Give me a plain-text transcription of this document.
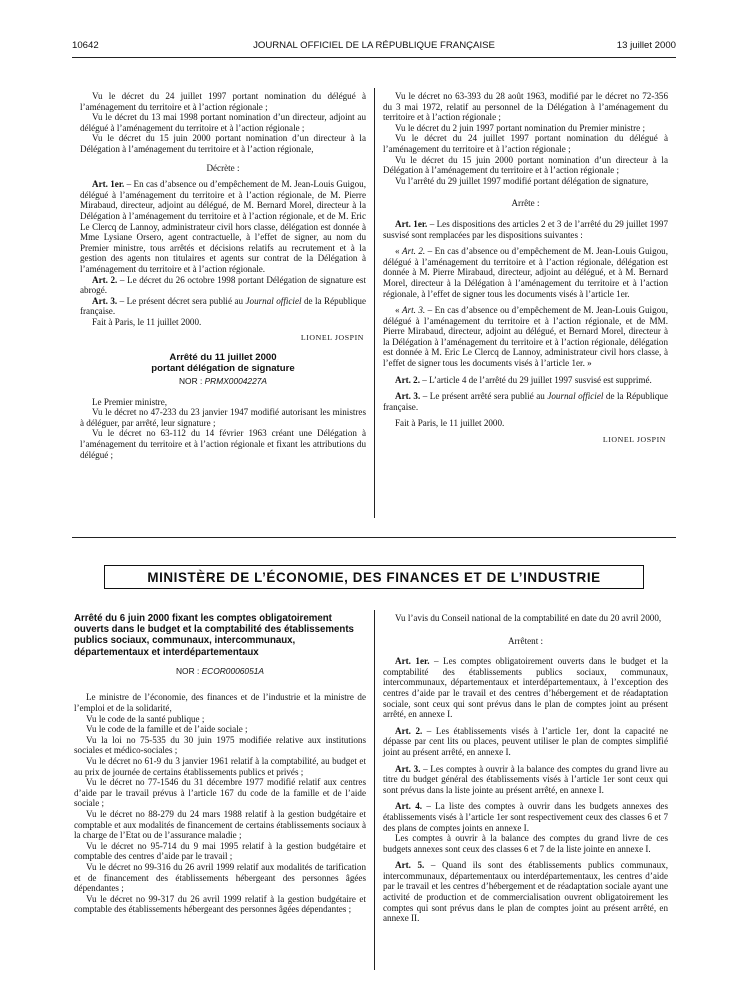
10642	JOURNAL OFFICIEL DE LA RÉPUBLIQUE FRANÇAISE	13 juillet 2000

Vu le décret du 24 juillet 1997 portant nomination du délégué à l’aménagement du territoire et à l’action régionale ;

Vu le décret du 13 mai 1998 portant nomination d’un directeur, adjoint au délégué à l’aménagement du territoire et à l’action régionale ;

Vu le décret du 15 juin 2000 portant nomination d’un directeur à la Délégation à l’aménagement du territoire et à l’action régionale,

Décrète :

Art. 1er. – En cas d’absence ou d’empêchement de M. Jean-Louis Guigou, délégué à l’aménagement du territoire et à l’action régionale, de M. Pierre Mirabaud, directeur, adjoint au délégué, de M. Bernard Morel, directeur à la Délégation à l’aménagement du territoire et à l’action régionale, et de M. Eric Le Clercq de Lannoy, administrateur civil hors classe, délégation est donnée à Mme Lysiane Orsero, agent contractuelle, à l’effet de signer, au nom du Premier ministre, tous arrêtés et décisions relatifs au recrutement et à la gestion des agents non titulaires et agents sur contrat de la Délégation à l’aménagement du territoire et à l’action régionale.

Art. 2. – Le décret du 26 octobre 1998 portant Délégation de signature est abrogé.

Art. 3. – Le présent décret sera publié au Journal officiel de la République française.

Fait à Paris, le 11 juillet 2000.

LIONEL JOSPIN

Arrêté du 11 juillet 2000
portant délégation de signature
NOR : PRMX0004227A

Le Premier ministre,

Vu le décret no 47-233 du 23 janvier 1947 modifié autorisant les ministres à déléguer, par arrêté, leur signature ;

Vu le décret no 63-112 du 14 février 1963 créant une Délégation à l’aménagement du territoire et à l’action régionale et fixant les attributions du délégué ;

Vu le décret no 63-393 du 28 août 1963, modifié par le décret no 72-356 du 3 mai 1972, relatif au personnel de la Délégation à l’aménagement du territoire et à l’action régionale ;

Vu le décret du 2 juin 1997 portant nomination du Premier ministre ;

Vu le décret du 24 juillet 1997 portant nomination du délégué à l’aménagement du territoire et à l’action régionale ;

Vu le décret du 15 juin 2000 portant nomination d’un directeur à la Délégation à l’aménagement du territoire et à l’action régionale ;

Vu l’arrêté du 29 juillet 1997 modifié portant délégation de signature,

Arrête :

Art. 1er. – Les dispositions des articles 2 et 3 de l’arrêté du 29 juillet 1997 susvisé sont remplacées par les dispositions suivantes :

« Art. 2. – En cas d’absence ou d’empêchement de M. Jean-Louis Guigou, délégué à l’aménagement du territoire et à l’action régionale, délégation est donnée à M. Pierre Mirabaud, directeur, adjoint au délégué, et à M. Bernard Morel, directeur à la Délégation à l’aménagement du territoire et à l’action régionale, à l’effet de signer tous les documents visés à l’article 1er.

« Art. 3. – En cas d’absence ou d’empêchement de M. Jean-Louis Guigou, délégué à l’aménagement du territoire et à l’action régionale, et de MM. Pierre Mirabaud, directeur, adjoint au délégué, et Bernard Morel, directeur à la Délégation à l’aménagement du territoire et à l’action régionale, délégation est donnée à M. Eric Le Clercq de Lannoy, administrateur civil hors classe, à l’effet de signer tous les documents visés à l’article 1er. »

Art. 2. – L’article 4 de l’arrêté du 29 juillet 1997 susvisé est supprimé.

Art. 3. – Le présent arrêté sera publié au Journal officiel de la République française.

Fait à Paris, le 11 juillet 2000.

LIONEL JOSPIN

MINISTÈRE DE L’ÉCONOMIE, DES FINANCES ET DE L’INDUSTRIE

Arrêté du 6 juin 2000 fixant les comptes obligatoirement ouverts dans le budget et la comptabilité des établissements publics sociaux, communaux, intercommunaux, départementaux et interdépartementaux

NOR : ECOR0006051A

Le ministre de l’économie, des finances et de l’industrie et la ministre de l’emploi et de la solidarité,

Vu le code de la santé publique ;

Vu le code de la famille et de l’aide sociale ;

Vu la loi no 75-535 du 30 juin 1975 modifiée relative aux institutions sociales et médico-sociales ;

Vu le décret no 61-9 du 3 janvier 1961 relatif à la comptabilité, au budget et au prix de journée de certains établissements publics et privés ;

Vu le décret no 77-1546 du 31 décembre 1977 modifié relatif aux centres d’aide par le travail prévus à l’article 167 du code de la famille et de l’aide sociale ;

Vu le décret no 88-279 du 24 mars 1988 relatif à la gestion budgétaire et comptable et aux modalités de financement de certains établissements sociaux à la charge de l’Etat ou de l’assurance maladie ;

Vu le décret no 95-714 du 9 mai 1995 relatif à la gestion budgétaire et comptable des centres d’aide par le travail ;

Vu le décret no 99-316 du 26 avril 1999 relatif aux modalités de tarification et de financement des établissements hébergeant des personnes âgées dépendantes ;

Vu le décret no 99-317 du 26 avril 1999 relatif à la gestion budgétaire et comptable des établissements hébergeant des personnes âgées dépendantes ;

Vu l’avis du Conseil national de la comptabilité en date du 20 avril 2000,

Arrêtent :

Art. 1er. – Les comptes obligatoirement ouverts dans le budget et la comptabilité des établissements publics sociaux, communaux, intercommunaux, départementaux et interdépartementaux, à l’exception des centres d’aide par le travail et des centres d’hébergement et de réadaptation sociale, sont ceux qui sont prévus dans le plan de comptes joint au présent arrêté, en annexe I.

Art. 2. – Les établissements visés à l’article 1er, dont la capacité ne dépasse par cent lits ou places, peuvent utiliser le plan de comptes simplifié joint au présent arrêté, en annexe I.

Art. 3. – Les comptes à ouvrir à la balance des comptes du grand livre au titre du budget général des établissements visés à l’article 1er sont ceux qui sont prévus dans la liste jointe au présent arrêté, en annexe I.

Art. 4. – La liste des comptes à ouvrir dans les budgets annexes des établissements visés à l’article 1er sont respectivement ceux des classes 6 et 7 des plans de comptes joints en annexe I.

Les comptes à ouvrir à la balance des comptes du grand livre de ces budgets annexes sont ceux des classes 6 et 7 de la liste jointe en annexe I.

Art. 5. – Quand ils sont des établissements publics communaux, intercommunaux, départementaux ou interdépartementaux, les centres d’aide par le travail et les centres d’hébergement et de réadaptation sociale ayant une activité de production et de commercialisation ouvrent obligatoirement les comptes qui sont prévus dans le plan de comptes joint au présent arrêté, en annexe II.
